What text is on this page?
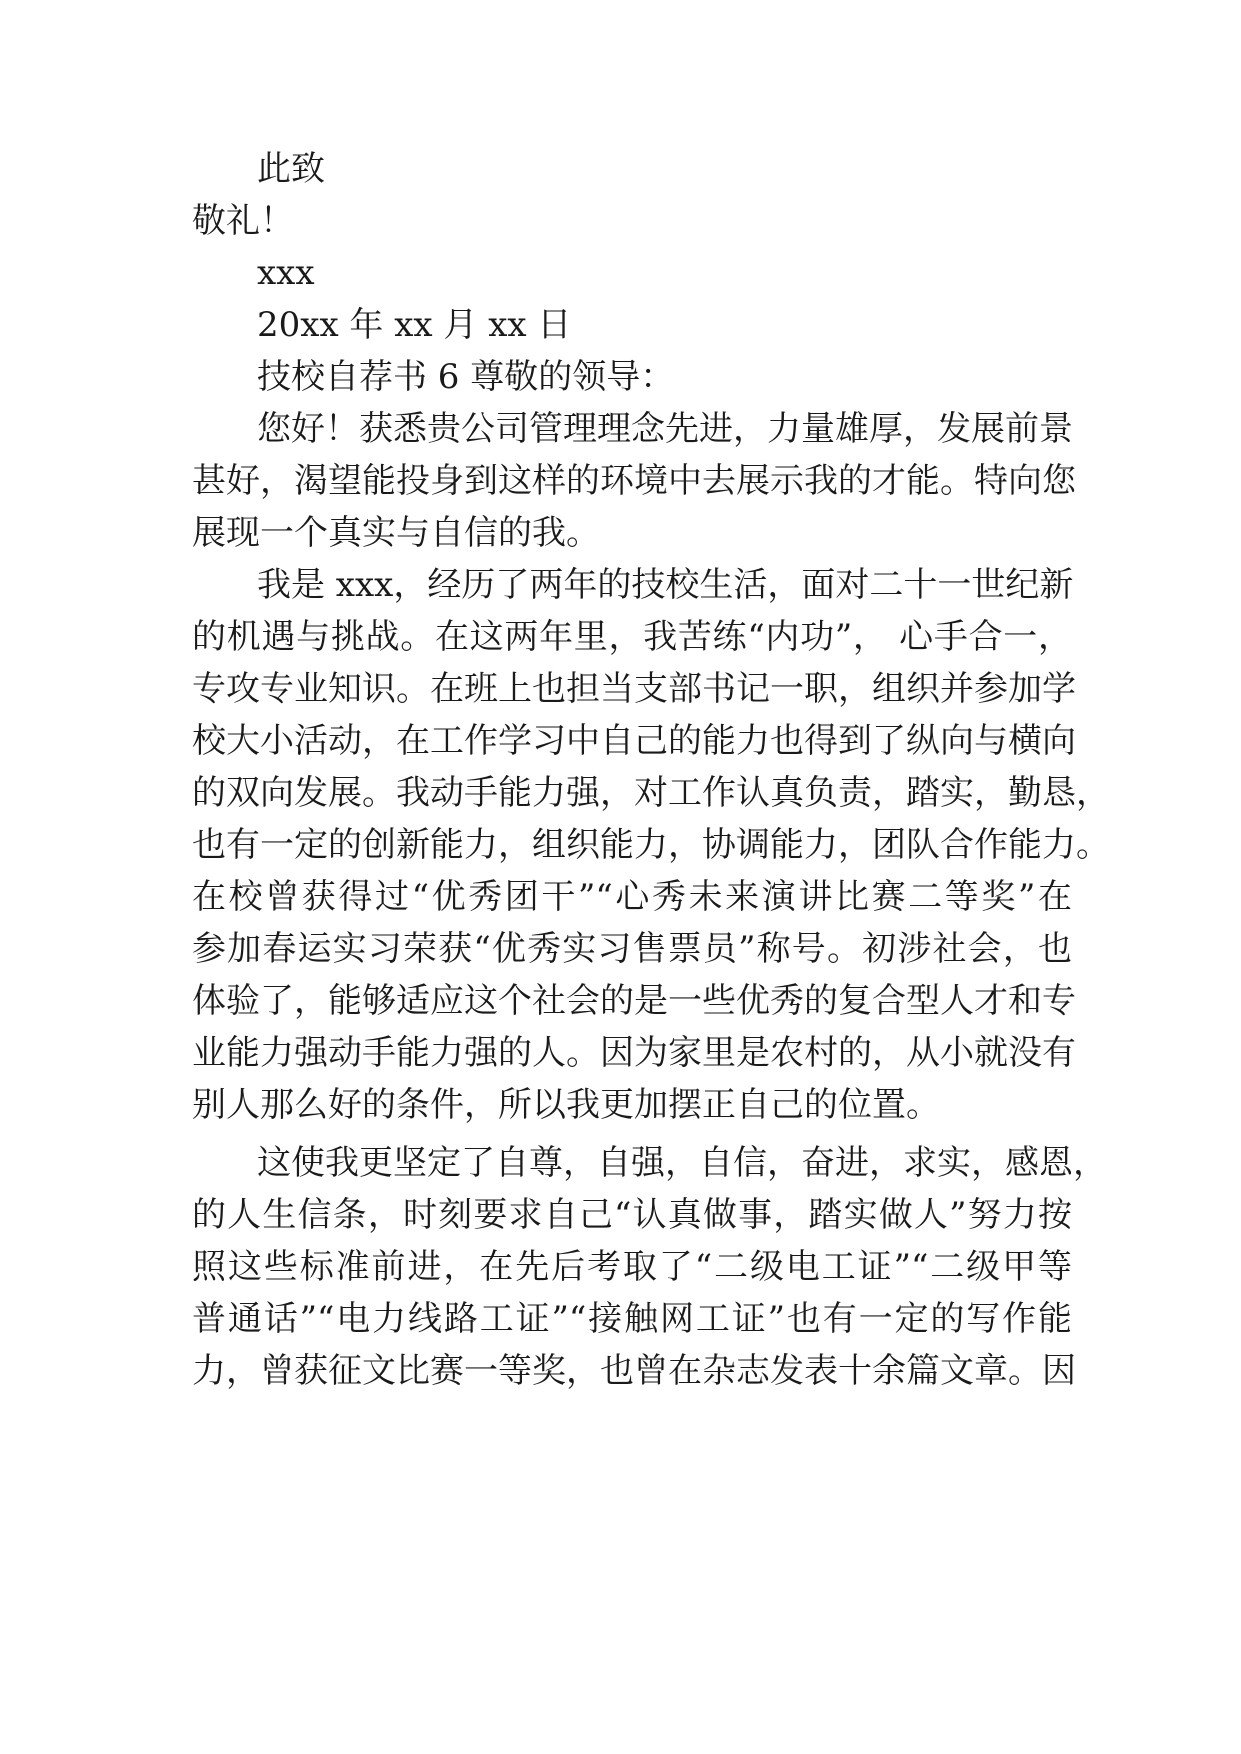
此致
敬礼！
xxx
20xx 年 xx 月 xx 日
技校自荐书 6 尊敬的领导：
您好！获悉贵公司管理理念先进，力量雄厚，发展前景
甚好，渴望能投身到这样的环境中去展示我的才能。特向您
展现一个真实与自信的我。
我是 xxx，经历了两年的技校生活，面对二十一世纪新
的机遇与挑战。在这两年里，我苦练“内功”， 心手合一，
专攻专业知识。在班上也担当支部书记一职，组织并参加学
校大小活动，在工作学习中自己的能力也得到了纵向与横向
的双向发展。我动手能力强，对工作认真负责，踏实，勤恳，
也有一定的创新能力，组织能力，协调能力，团队合作能力。
在校曾获得过“优秀团干”“心秀未来演讲比赛二等奖”在
参加春运实习荣获“优秀实习售票员”称号。初涉社会，也
体验了，能够适应这个社会的是一些优秀的复合型人才和专
业能力强动手能力强的人。因为家里是农村的，从小就没有
别人那么好的条件，所以我更加摆正自己的位置。
这使我更坚定了自尊，自强，自信，奋进，求实，感恩，
的人生信条，时刻要求自己“认真做事，踏实做人”努力按
照这些标准前进，在先后考取了“二级电工证”“二级甲等
普通话”“电力线路工证”“接触网工证”也有一定的写作能
力，曾获征文比赛一等奖，也曾在杂志发表十余篇文章。因
